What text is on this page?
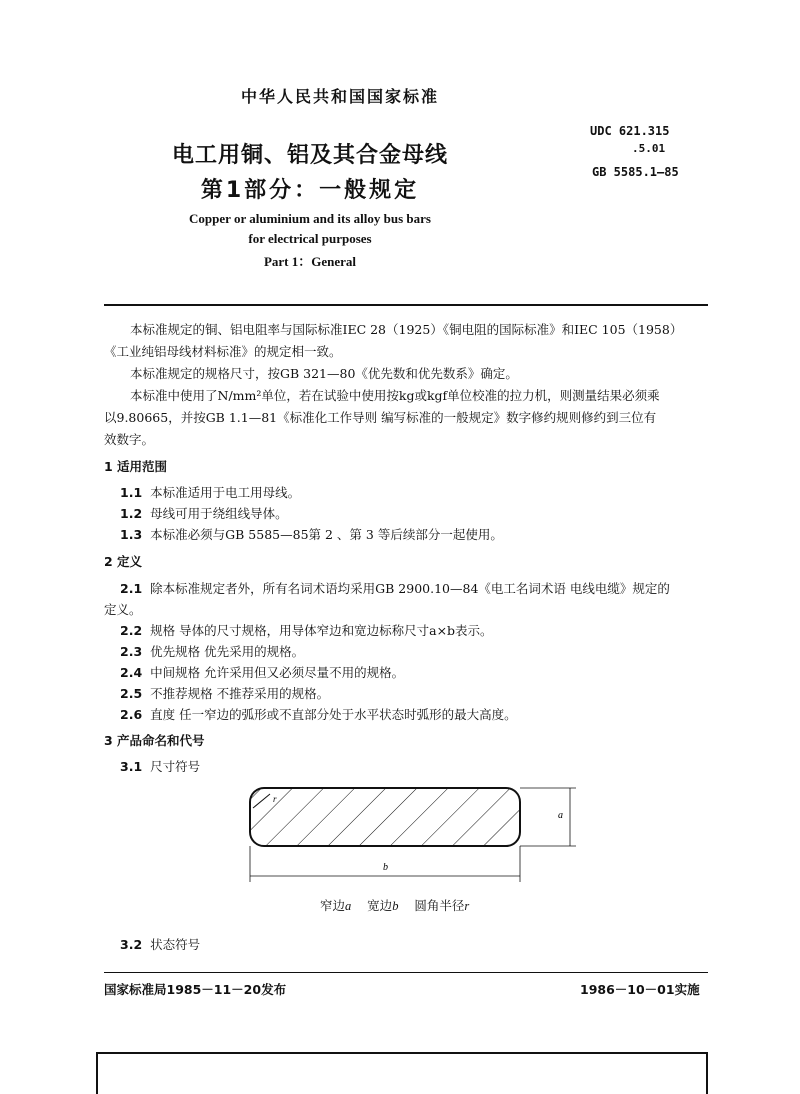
中华人民共和国国家标准
电工用铜、铝及其合金母线
第1部分：一般规定
Copper or aluminium and its alloy bus bars
for electrical purposes
Part 1：General
UDC 621.315
.5.01
GB 5585.1—85
本标准规定的铜、铝电阻率与国际标准IEC 28（1925）《铜电阻的国际标准》和IEC 105（1958）
《工业纯铝母线材料标准》的规定相一致。
本标准规定的规格尺寸，按GB 321—80《优先数和优先数系》确定。
本标准中使用了N/mm²单位，若在试验中使用按kg或kgf单位校准的拉力机，则测量结果必须乘
以9.80665，并按GB 1.1—81《标准化工作导则 编写标准的一般规定》数字修约规则修约到三位有
效数字。
1 适用范围
1.1 本标准适用于电工用母线。
1.2 母线可用于绕组线导体。
1.3 本标准必须与GB 5585—85第 2 、第 3 等后续部分一起使用。
2 定义
2.1 除本标准规定者外，所有名词术语均采用GB 2900.10—84《电工名词术语 电线电缆》规定的
定义。
2.2 规格 导体的尺寸规格，用导体窄边和宽边标称尺寸a×b表示。
2.3 优先规格 优先采用的规格。
2.4 中间规格 允许采用但又必须尽量不用的规格。
2.5 不推荐规格 不推荐采用的规格。
2.6 直度 任一窄边的弧形或不直部分处于水平状态时弧形的最大高度。
3 产品命名和代号
3.1 尺寸符号
r
a
b
窄边a 宽边b 圆角半径r
3.2 状态符号
国家标准局1985－11－20发布	1986－10－01实施
